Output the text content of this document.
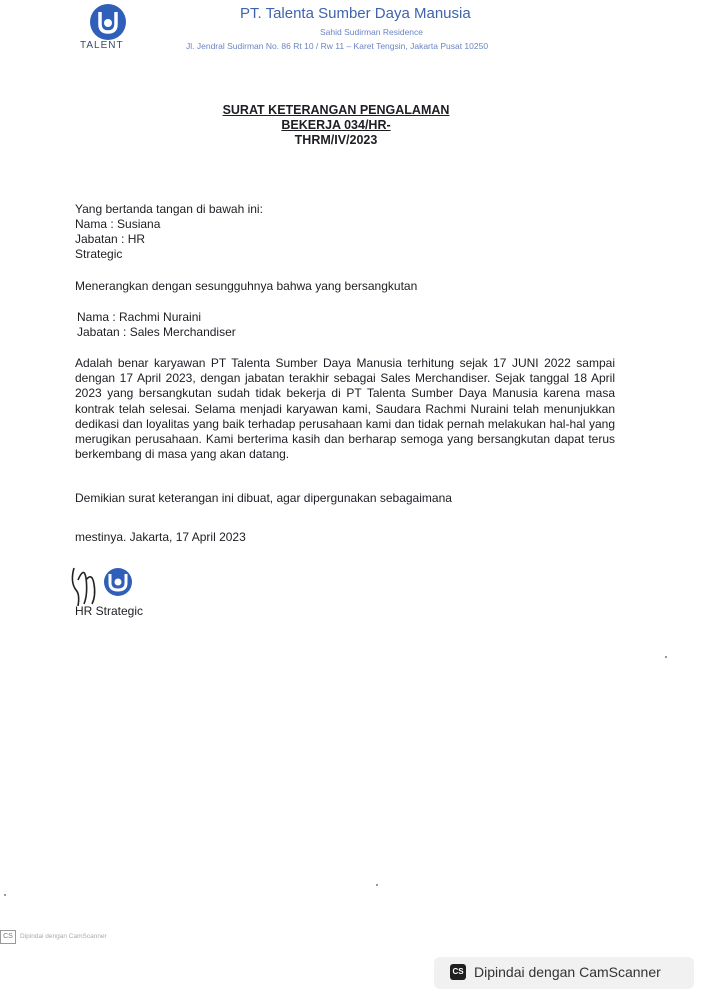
TALENT
PT. Talenta Sumber Daya Manusia
Sahid Sudirman Residence
Jl. Jendral Sudirman No. 86 Rt 10 / Rw 11 – Karet Tengsin, Jakarta Pusat 10250
SURAT KETERANGAN PENGALAMAN
BEKERJA 034/HR-
THRM/IV/2023
Yang bertanda tangan di bawah ini:
Nama : Susiana
Jabatan : HR
Strategic
Menerangkan dengan sesungguhnya bahwa yang bersangkutan
Nama : Rachmi Nuraini
Jabatan : Sales Merchandiser
Adalah benar karyawan PT Talenta Sumber Daya Manusia terhitung sejak 17 JUNI 2022 sampai dengan 17 April 2023, dengan jabatan terakhir sebagai Sales Merchandiser. Sejak tanggal 18 April 2023 yang bersangkutan sudah tidak bekerja di PT Talenta Sumber Daya Manusia karena masa kontrak telah selesai. Selama menjadi karyawan kami, Saudara Rachmi Nuraini telah menunjukkan dedikasi dan loyalitas yang baik terhadap perusahaan kami dan tidak pernah melakukan hal-hal yang merugikan perusahaan. Kami berterima kasih dan berharap semoga yang bersangkutan dapat terus berkembang di masa yang akan datang.
Demikian surat keterangan ini dibuat, agar dipergunakan sebagaimana
mestinya. Jakarta, 17 April 2023
HR Strategic
CS	Dipindai dengan CamScanner
CS Dipindai dengan CamScanner
